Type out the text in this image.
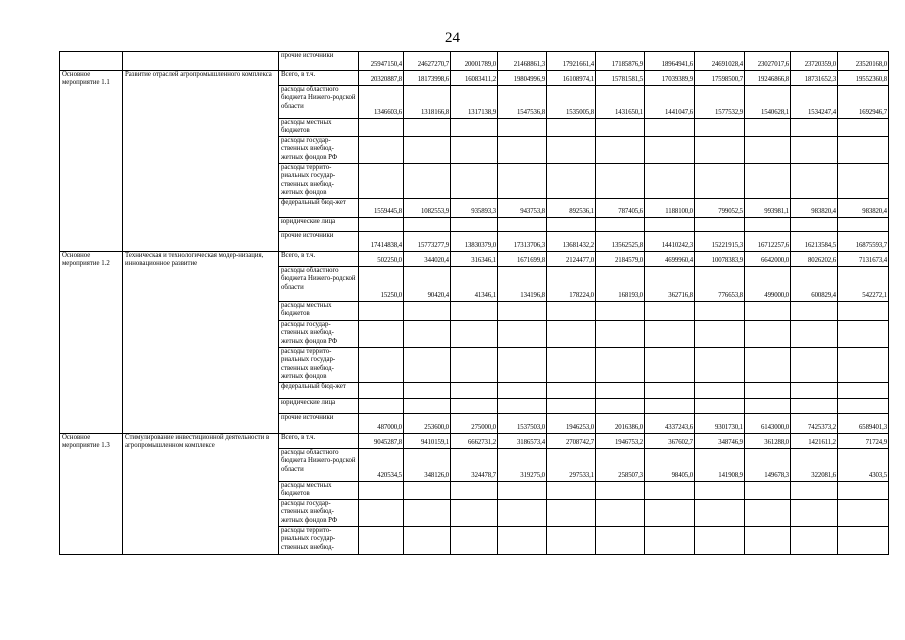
24
		прочие источники	25947150,4	24627270,7	20001789,0	21468861,3	17921661,4	17185876,9	18964941,6	24691028,4	23027017,6	23720359,0	23520168,0
Основное мероприятие 1.1	Развитие отраслей агропромышленного комплекса	Всего, в т.ч.	20320887,8	18173998,6	16083411,2	19804996,9	16108974,1	15781581,5	17039389,9	17598500,7	19246866,8	18731652,3	19552360,8
		расходы областного бюджета Нижего-родской области	1346603,6	1318166,8	1317138,9	1547536,8	1535005,8	1431650,1	1441047,6	1577532,9	1540628,1	1534247,4	1692946,7
		расходы местных бюджетов											
		расходы государ-ственных внебюд-жетных фондов РФ											
		расходы террито-риальных государ-ственных внебюд-жетных фондов											
		федеральный бюд-жет	1559445,8	1082553,9	935893,3	943753,8	892536,1	787405,6	1188100,0	799052,5	993981,1	983820,4	983820,4
		юридические лица											
		прочие источники	17414838,4	15773277,9	13830379,0	17313706,3	13681432,2	13562525,8	14410242,3	15221915,3	16712257,6	16213584,5	16875593,7
Основное мероприятие 1.2	Техническая и технологическая модер-низация, инновационное развитие	Всего, в т.ч.	502250,0	344020,4	316346,1	1671699,8	2124477,0	2184579,0	4699960,4	10078383,9	6642000,0	8026202,6	7131673,4
		расходы областного бюджета Нижего-родской области	15250,0	90420,4	41346,1	134196,8	178224,0	168193,0	362716,8	776653,8	499000,0	600829,4	542272,1
		расходы местных бюджетов											
		расходы государ-ственных внебюд-жетных фондов РФ											
		расходы террито-риальных государ-ственных внебюд-жетных фондов											
		федеральный бюд-жет											
		юридические лица											
		прочие источники	487000,0	253600,0	275000,0	1537503,0	1946253,0	2016386,0	4337243,6	9301730,1	6143000,0	7425373,2	6589401,3
Основное мероприятие 1.3	Стимулирование инвестиционной деятельности в агропромышленном комплексе	Всего, в т.ч.	9045287,8	9410159,1	6662731,2	3186573,4	2708742,7	1946753,2	367602,7	348746,9	361288,0	1421611,2	71724,9
		расходы областного бюджета Нижего-родской области	420534,5	348126,0	324478,7	319275,0	297533,1	258507,3	98405,0	141908,9	149678,3	322081,6	4303,5
		расходы местных бюджетов											
		расходы государ-ственных внебюд-жетных фондов РФ											
		расходы террито-риальных государ-ственных внебюд-											
